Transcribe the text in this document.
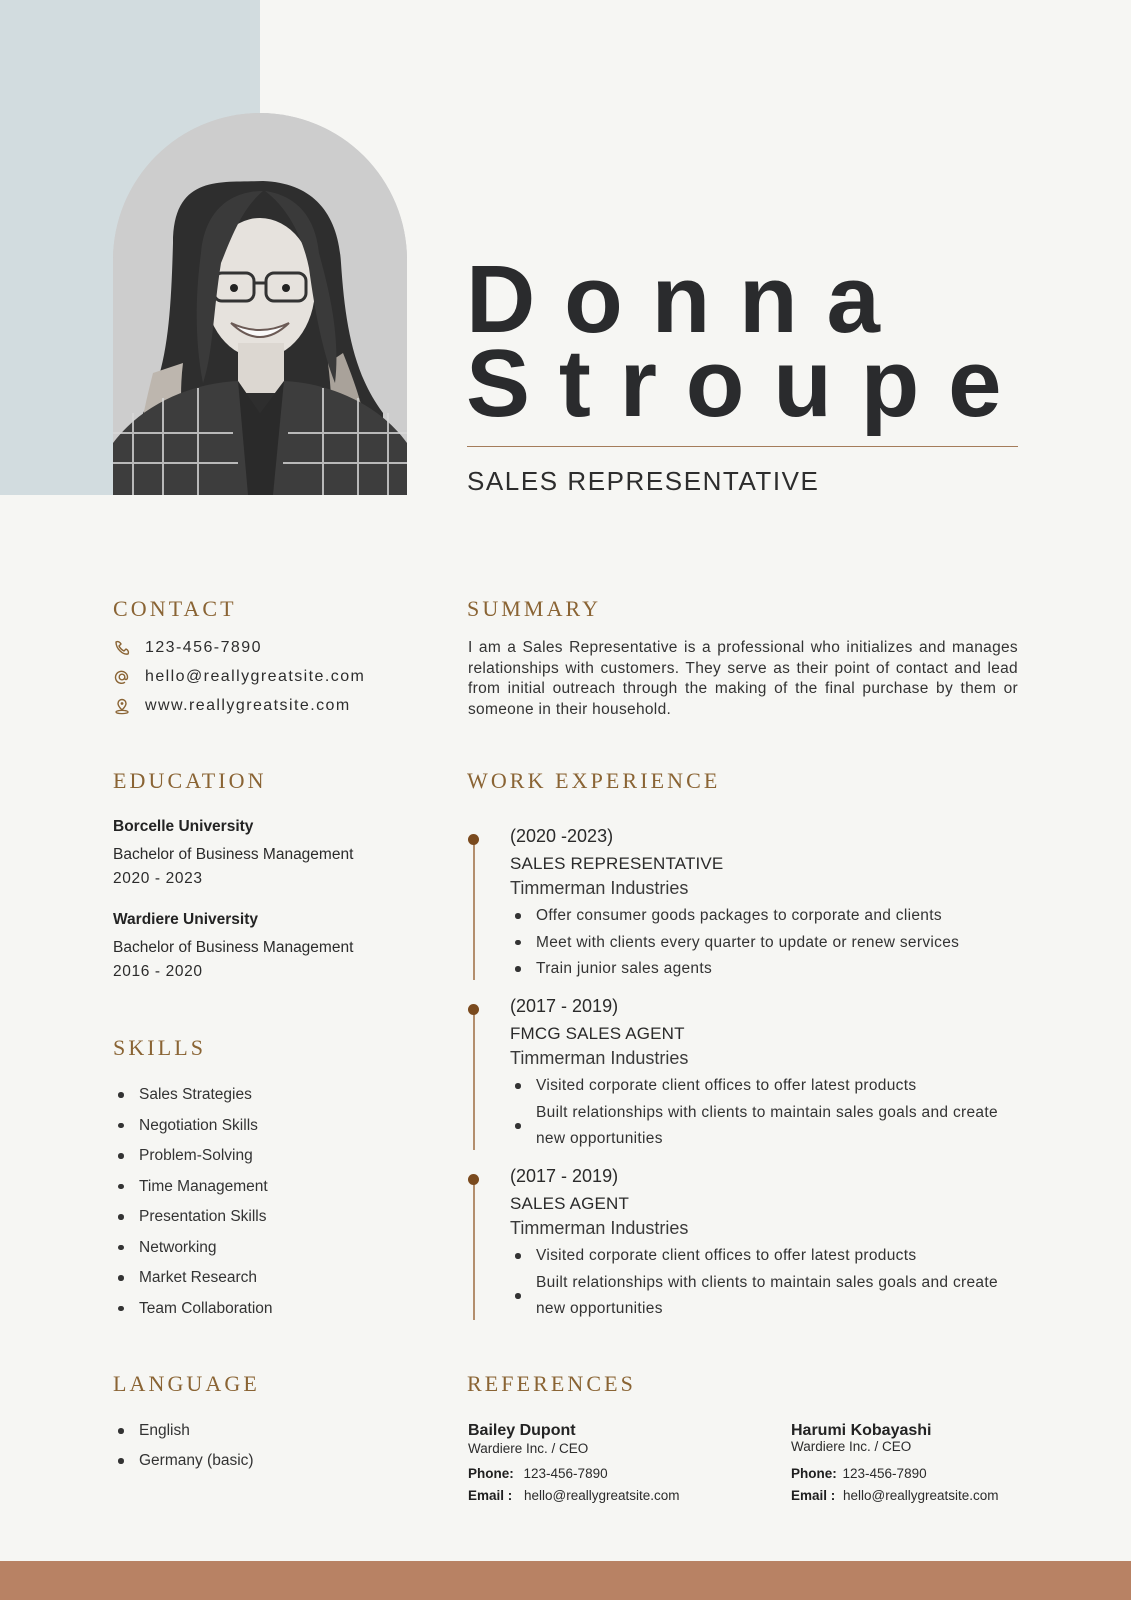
Donna
Stroupe
SALES REPRESENTATIVE
CONTACT
123-456-7890
hello@reallygreatsite.com
www.reallygreatsite.com
SUMMARY
I am a Sales Representative is a professional who initializes and manages relationships with customers. They serve as their point of contact and lead from initial outreach through the making of the final purchase by them or someone in their household.
EDUCATION
Borcelle University
Bachelor of Business Management
2020 - 2023
Wardiere University
Bachelor of Business Management
2016 - 2020
SKILLS
Sales Strategies
Negotiation Skills
Problem-Solving
Time Management
Presentation Skills
Networking
Market Research
Team Collaboration
LANGUAGE
English
Germany (basic)
WORK EXPERIENCE
(2020 -2023)
SALES REPRESENTATIVE
Timmerman Industries
Offer consumer goods packages to corporate and clients
Meet with clients every quarter to update or renew services
Train junior sales agents
(2017 - 2019)
FMCG SALES AGENT
Timmerman Industries
Visited corporate client offices to offer latest products
Built relationships with clients to maintain sales goals and create new opportunities
(2017 - 2019)
SALES AGENT
Timmerman Industries
Visited corporate client offices to offer latest products
Built relationships with clients to maintain sales goals and create new opportunities
REFERENCES
Bailey Dupont
Wardiere Inc. / CEO
Phone: 123-456-7890
Email : hello@reallygreatsite.com
Harumi Kobayashi
Wardiere Inc. / CEO
Phone: 123-456-7890
Email : hello@reallygreatsite.com
